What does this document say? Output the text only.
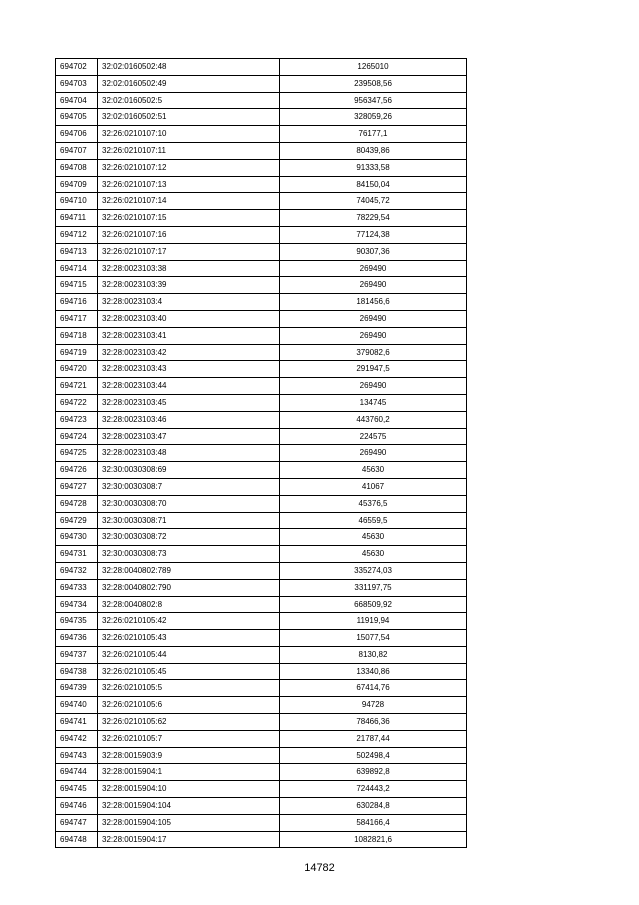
694702	32:02:0160502:48	1265010
694703	32:02:0160502:49	239508,56
694704	32:02:0160502:5	956347,56
694705	32:02:0160502:51	328059,26
694706	32:26:0210107:10	76177,1
694707	32:26:0210107:11	80439,86
694708	32:26:0210107:12	91333,58
694709	32:26:0210107:13	84150,04
694710	32:26:0210107:14	74045,72
694711	32:26:0210107:15	78229,54
694712	32:26:0210107:16	77124,38
694713	32:26:0210107:17	90307,36
694714	32:28:0023103:38	269490
694715	32:28:0023103:39	269490
694716	32:28:0023103:4	181456,6
694717	32:28:0023103:40	269490
694718	32:28:0023103:41	269490
694719	32:28:0023103:42	379082,6
694720	32:28:0023103:43	291947,5
694721	32:28:0023103:44	269490
694722	32:28:0023103:45	134745
694723	32:28:0023103:46	443760,2
694724	32:28:0023103:47	224575
694725	32:28:0023103:48	269490
694726	32:30:0030308:69	45630
694727	32:30:0030308:7	41067
694728	32:30:0030308:70	45376,5
694729	32:30:0030308:71	46559,5
694730	32:30:0030308:72	45630
694731	32:30:0030308:73	45630
694732	32:28:0040802:789	335274,03
694733	32:28:0040802:790	331197,75
694734	32:28:0040802:8	668509,92
694735	32:26:0210105:42	11919,94
694736	32:26:0210105:43	15077,54
694737	32:26:0210105:44	8130,82
694738	32:26:0210105:45	13340,86
694739	32:26:0210105:5	67414,76
694740	32:26:0210105:6	94728
694741	32:26:0210105:62	78466,36
694742	32:26:0210105:7	21787,44
694743	32:28:0015903:9	502498,4
694744	32:28:0015904:1	639892,8
694745	32:28:0015904:10	724443,2
694746	32:28:0015904:104	630284,8
694747	32:28:0015904:105	584166,4
694748	32:28:0015904:17	1082821,6
14782
